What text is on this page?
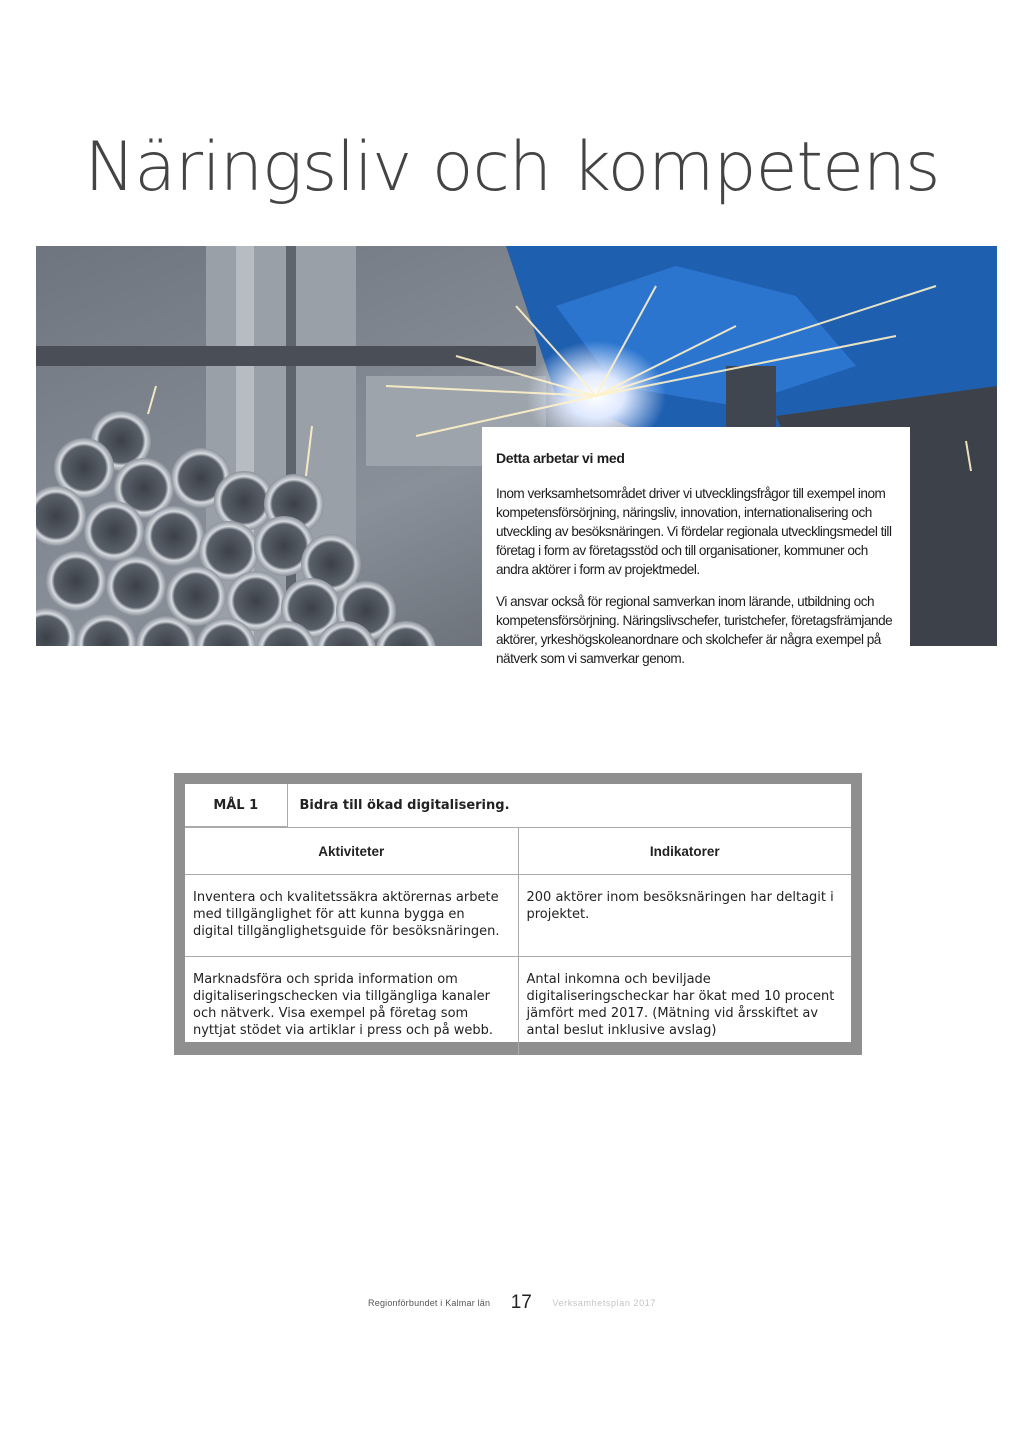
Näringsliv och kompetens
Detta arbetar vi med

Inom verksamhetsområdet driver vi utvecklingsfrågor till exempel inom kompetensförsörjning, näringsliv, innovation, internationalisering och utveckling av besöksnäringen. Vi fördelar regionala utvecklingsmedel till företag i form av företagsstöd och till organisationer, kommuner och andra aktörer i form av projektmedel.

Vi ansvar också för regional samverkan inom lärande, utbildning och kompetensförsörjning. Näringslivschefer, turistchefer, företagsfrämjande aktörer, yrkeshögskoleanordnare och skolchefer är några exempel på nätverk som vi samverkar genom.

MÅL 1	Bidra till ökad digitalisering.

Aktiviteter	Indikatorer
Inventera och kvalitetssäkra aktörernas arbete med tillgänglighet för att kunna bygga en digital tillgänglighetsguide för besöksnäringen.	200 aktörer inom besöksnäringen har deltagit i projektet.
Marknadsföra och sprida information om digitaliseringschecken via tillgängliga kanaler och nätverk. Visa exempel på företag som nyttjat stödet via artiklar i press och på webb.	Antal inkomna och beviljade digitaliseringscheckar har ökat med 10 procent jämfört med 2017. (Mätning vid årsskiftet av antal beslut inklusive avslag)
Regionförbundet i Kalmar län 17 Verksamhetsplan 2017
